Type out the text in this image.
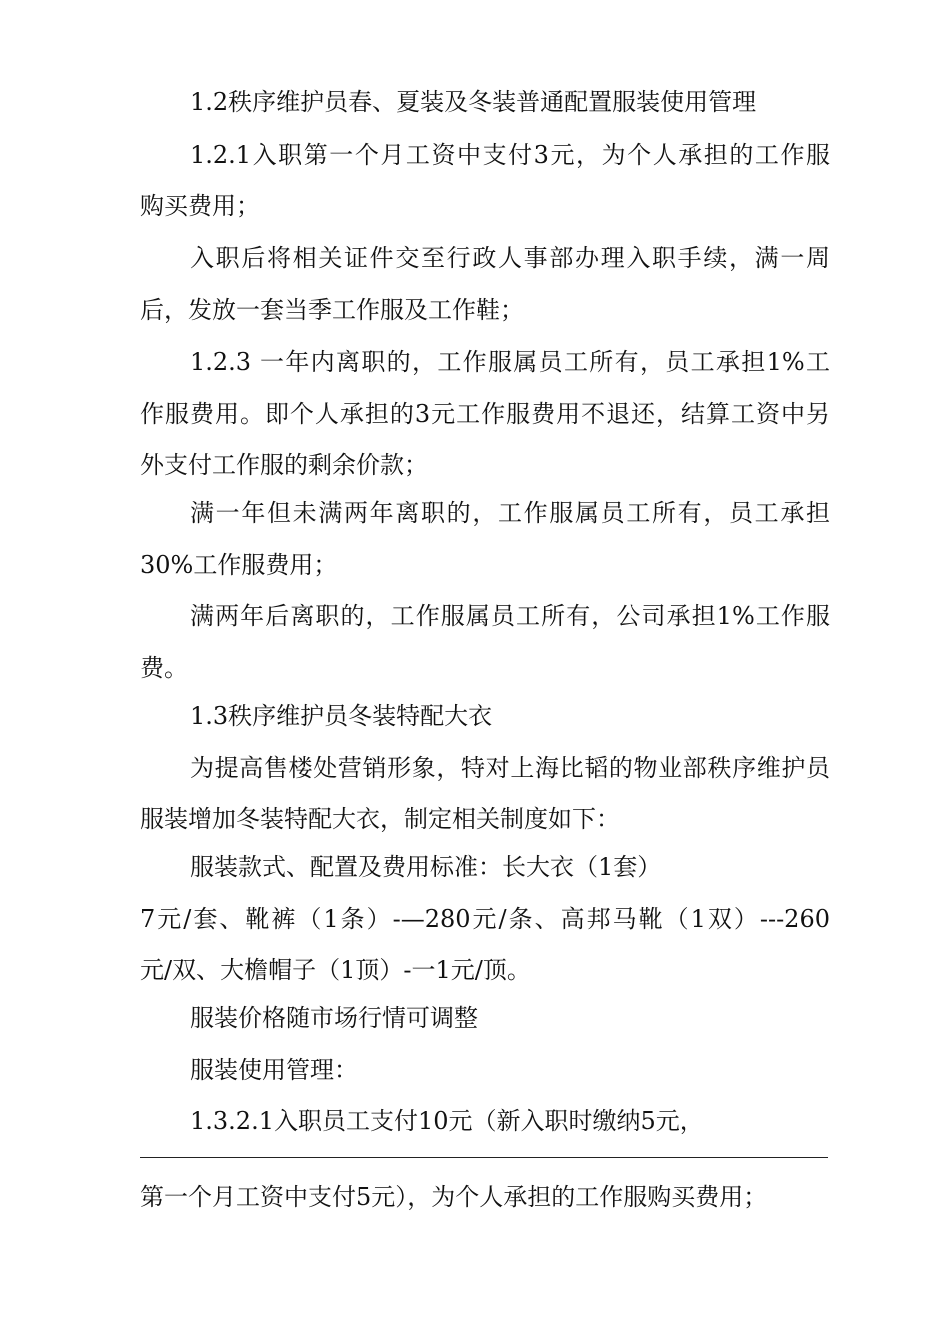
1.2秩序维护员春、夏装及冬装普通配置服装使用管理
1.2.1入职第一个月工资中支付3元，为个人承担的工作服
购买费用；
入职后将相关证件交至行政人事部办理入职手续，满一周
后，发放一套当季工作服及工作鞋；
1.2.3 一年内离职的，工作服属员工所有，员工承担1%工
作服费用。即个人承担的3元工作服费用不退还，结算工资中另
外支付工作服的剩余价款；
满一年但未满两年离职的，工作服属员工所有，员工承担
30%工作服费用；
满两年后离职的，工作服属员工所有，公司承担1%工作服
费。
1.3秩序维护员冬装特配大衣
为提高售楼处营销形象，特对上海比韬的物业部秩序维护员
服装增加冬装特配大衣，制定相关制度如下：
服装款式、配置及费用标准：长大衣（1套）
7元/套、靴裤（1条）-—280元/条、高邦马靴（1双）---260
元/双、大檐帽子（1顶）-一1元/顶。
服装价格随市场行情可调整
服装使用管理：
1.3.2.1入职员工支付10元（新入职时缴纳5元，
第一个月工资中支付5元），为个人承担的工作服购买费用；
